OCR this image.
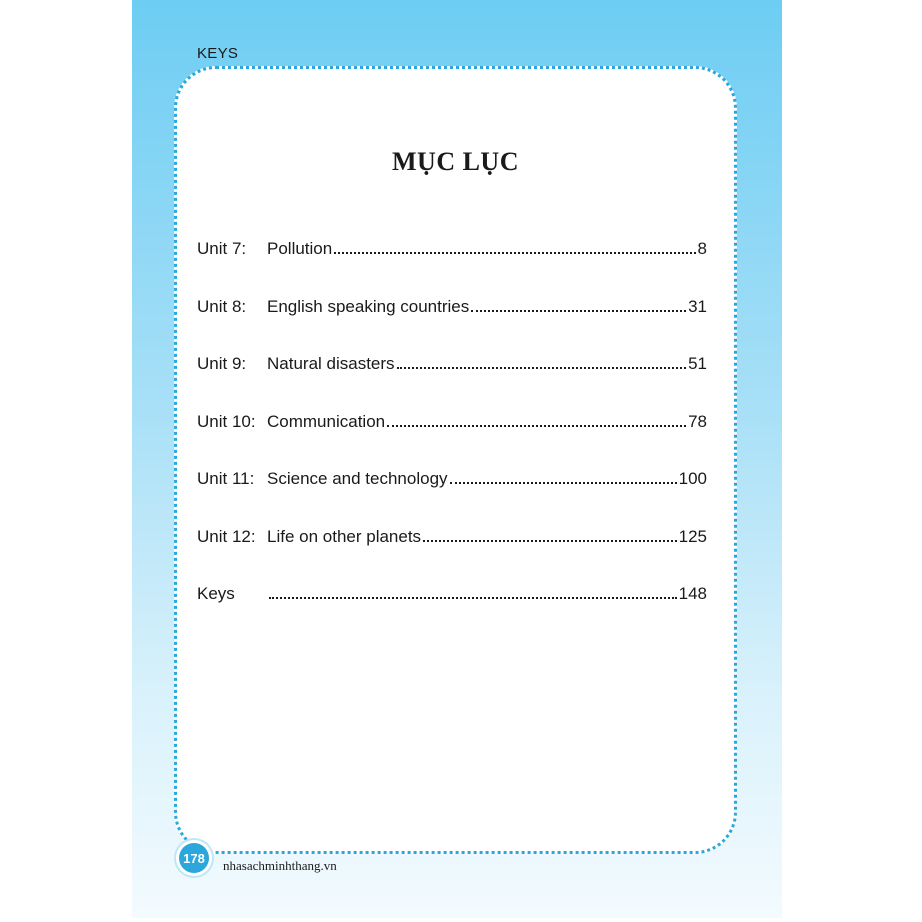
KEYS
MỤC LỤC
Unit 7:	Pollution	8
Unit 8:	English speaking countries	31
Unit 9:	Natural disasters	51
Unit 10: Communication	78
Unit 11: Science and technology	100
Unit 12: Life on other planets	125
Keys	148
178	nhasachminhthang.vn
